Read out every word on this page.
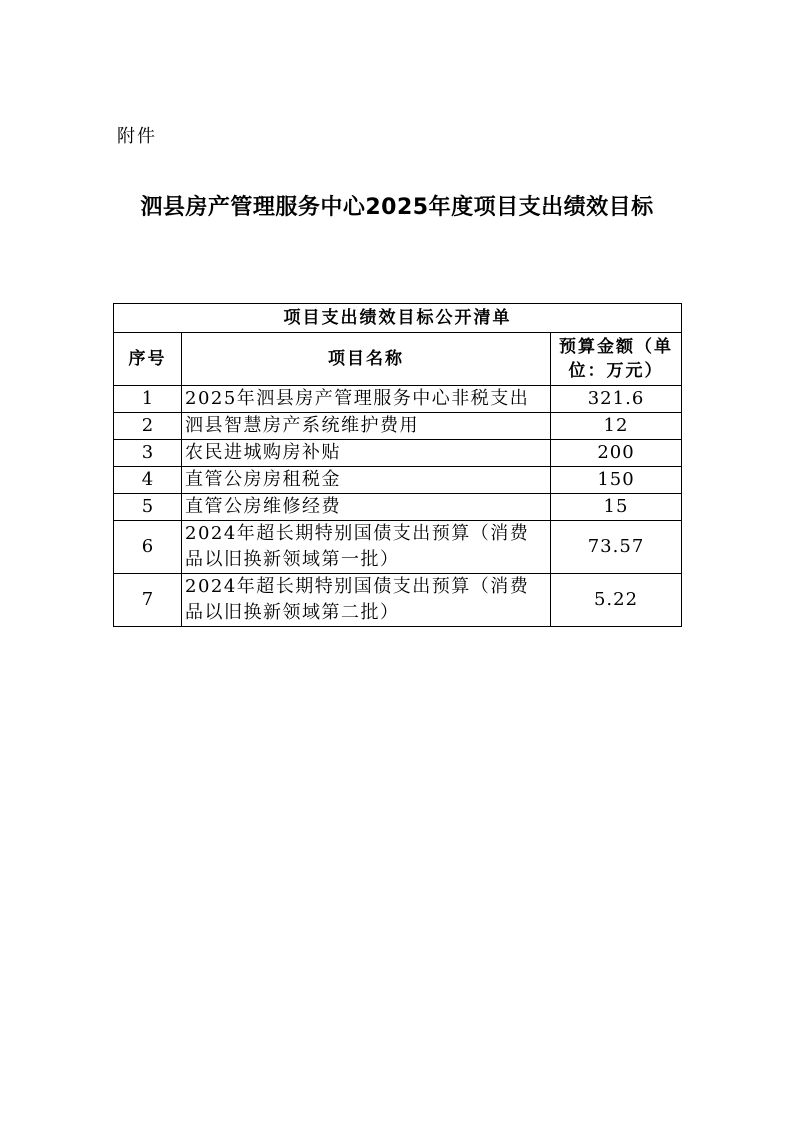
附件
泗县房产管理服务中心2025年度项目支出绩效目标
项目支出绩效目标公开清单		
序号	项目名称	预算金额（单位：万元）
1	2025年泗县房产管理服务中心非税支出	321.6
2	泗县智慧房产系统维护费用	12
3	农民进城购房补贴	200
4	直管公房房租税金	150
5	直管公房维修经费	15
6	2024年超长期特别国债支出预算（消费品以旧换新领域第一批）	73.57
7	2024年超长期特别国债支出预算（消费品以旧换新领域第二批）	5.22
